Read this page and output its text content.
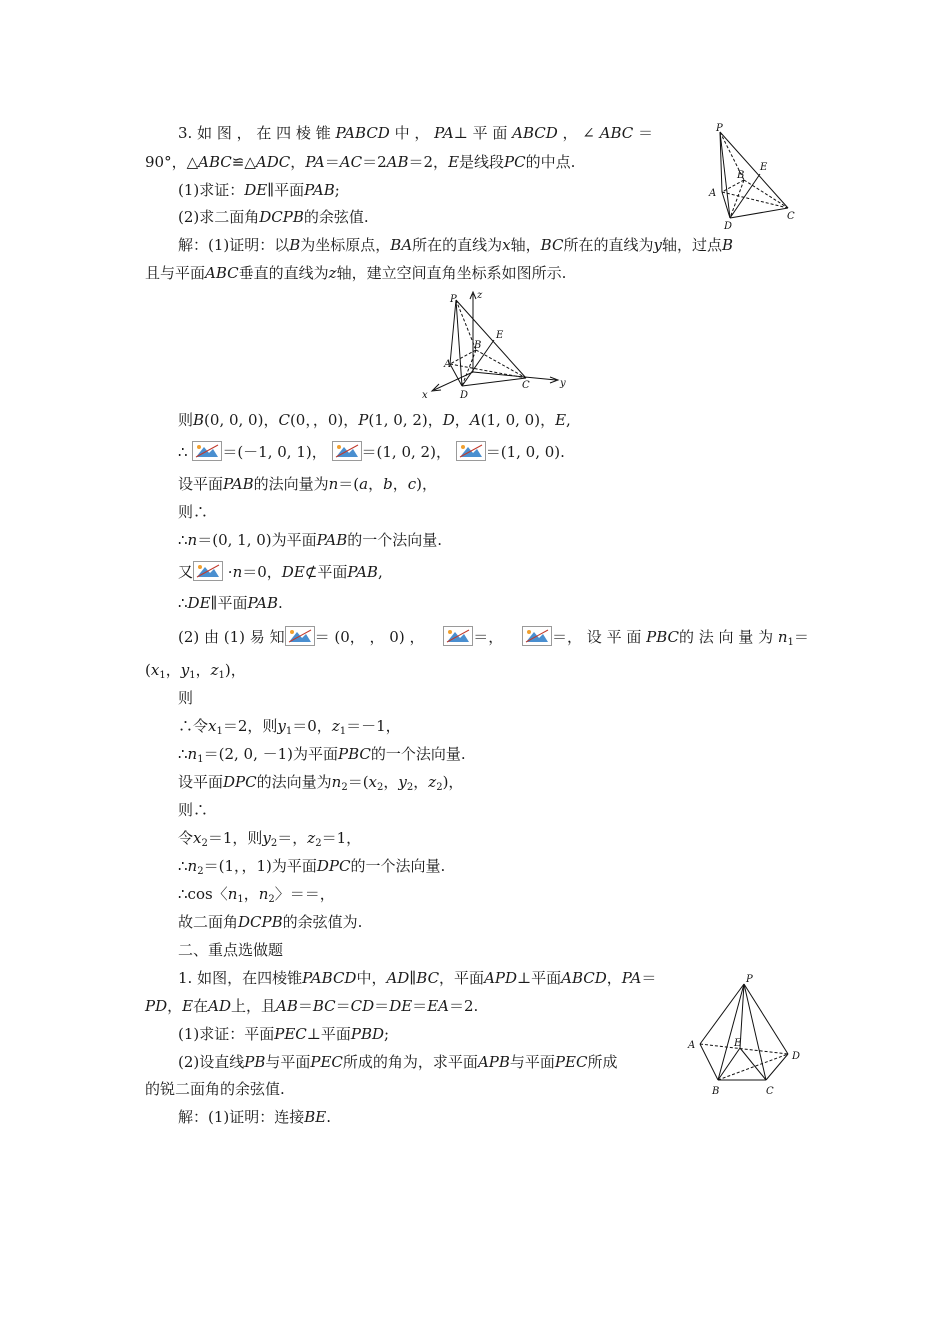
3. 如 图 ， 在 四 棱 锥 PABCD 中 ， PA⊥ 平 面 ABCD ， ∠ ABC ＝
90°，△ABC≌△ADC，PA＝AC＝2AB＝2，E是线段PC的中点.
(1)求证：DE∥平面PAB;
(2)求二面角DCPB的余弦值.
解：(1)证明：以B为坐标原点，BA所在的直线为x轴，BC所在的直线为y轴，过点B
且与平面ABC垂直的直线为z轴，建立空间直角坐标系如图所示.
P
E
B
A
D
C
P z
E
B
A
D
C
x
y
则B(0, 0, 0)，C(0，，0)，P(1, 0, 2)，D，A(1, 0, 0)，E,
∴ ＝(－1, 0, 1)， ＝(1, 0, 2)， ＝(1, 0, 0).
设平面PAB的法向量为n＝(a，b，c)，
则∴
∴n＝(0, 1, 0)为平面PAB的一个法向量.
又 ·n＝0，DE⊄平面PAB,
∴DE∥平面PAB.
(2) 由 (1) 易 知 ＝ (0， ， 0) ，	＝，	＝， 设 平 面 PBC的 法 向 量 为 $n_1=$
($x_1$，$y_1$，$z_1$)，
则
∴令$x_1=2$，则$y_1=0$，$z_1=-1$，
$\therefore n_1=(2$, 0, －1)为平面PBC的一个法向量.
设平面DPC的法向量为$n_2=(x_2$，$y_2$，$z_2$)，
则∴
令$x_2=1$，则$y_2=$，$z_2=1$，
$\therefore n_2=(1$，，1)为平面DPC的一个法向量.
∴cos〈$n_1$，$n_2$〉＝＝，
故二面角DCPB的余弦值为.
二、重点选做题
1. 如图，在四棱锥PABCD中，AD∥BC，平面APD⊥平面ABCD，PA＝
PD，E在AD上，且AB＝BC＝CD＝DE＝EA＝2.
(1)求证：平面PEC⊥平面PBD;
(2)设直线PB与平面PEC所成的角为，求平面APB与平面PEC所成
的锐二面角的余弦值.
解：(1)证明：连接BE.
P
A	E
D
B	C
